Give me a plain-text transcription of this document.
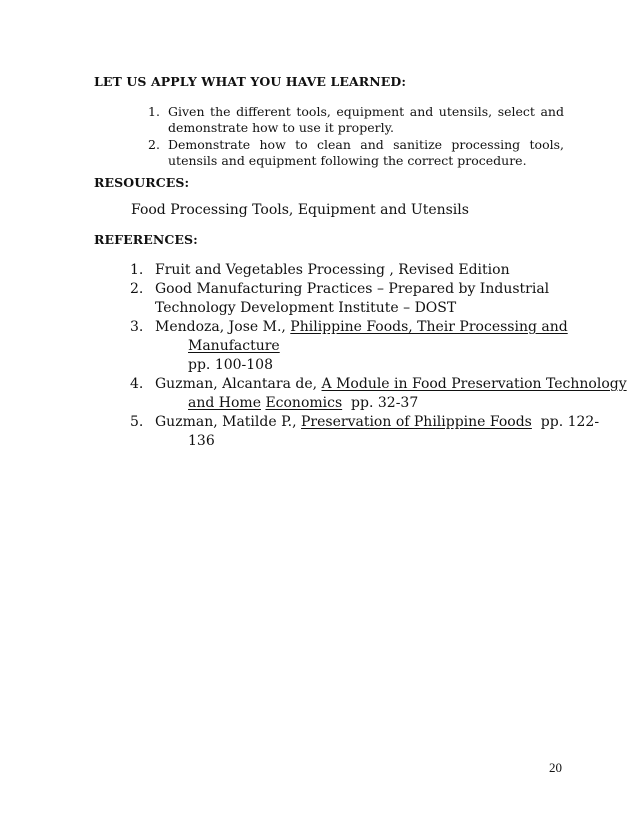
LET US APPLY WHAT YOU HAVE LEARNED:
1. Given the different tools, equipment and utensils, select and demonstrate how to use it properly.
2. Demonstrate how to clean and sanitize processing tools, utensils and equipment following the correct procedure.
RESOURCES:
Food Processing Tools, Equipment and Utensils
REFERENCES:
1. Fruit and Vegetables Processing , Revised Edition
2. Good Manufacturing Practices – Prepared by Industrial
Technology Development Institute – DOST
3. Mendoza, Jose M., Philippine Foods, Their Processing and
Manufacture
pp. 100-108
4. Guzman, Alcantara de, A Module in Food Preservation Technology
and Home Economics  pp. 32-37
5. Guzman, Matilde P., Preservation of Philippine Foods  pp. 122-
136
20
